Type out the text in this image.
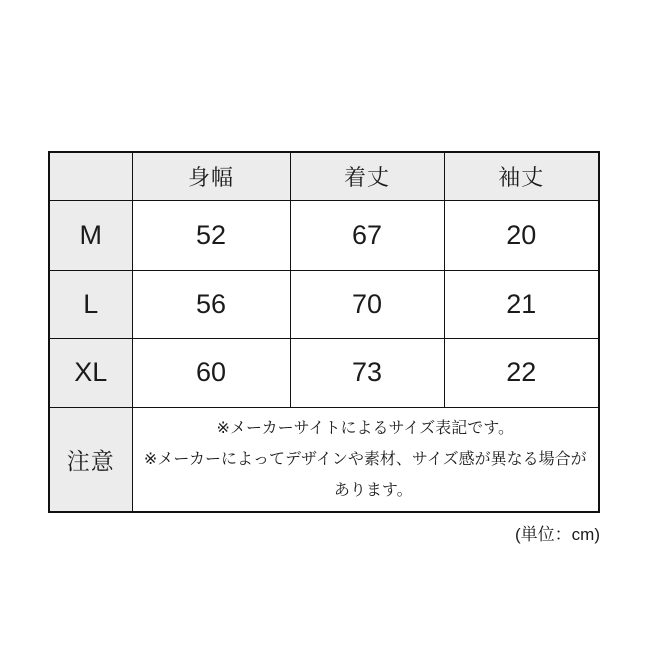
	身幅	着丈	袖丈
M	52	67	20
L	56	70	21
XL	60	73	22
注意	※メーカーサイトによるサイズ表記です。
※メーカーによってデザインや素材、サイズ感が異なる場合が
あります。		
(単位：cm)
